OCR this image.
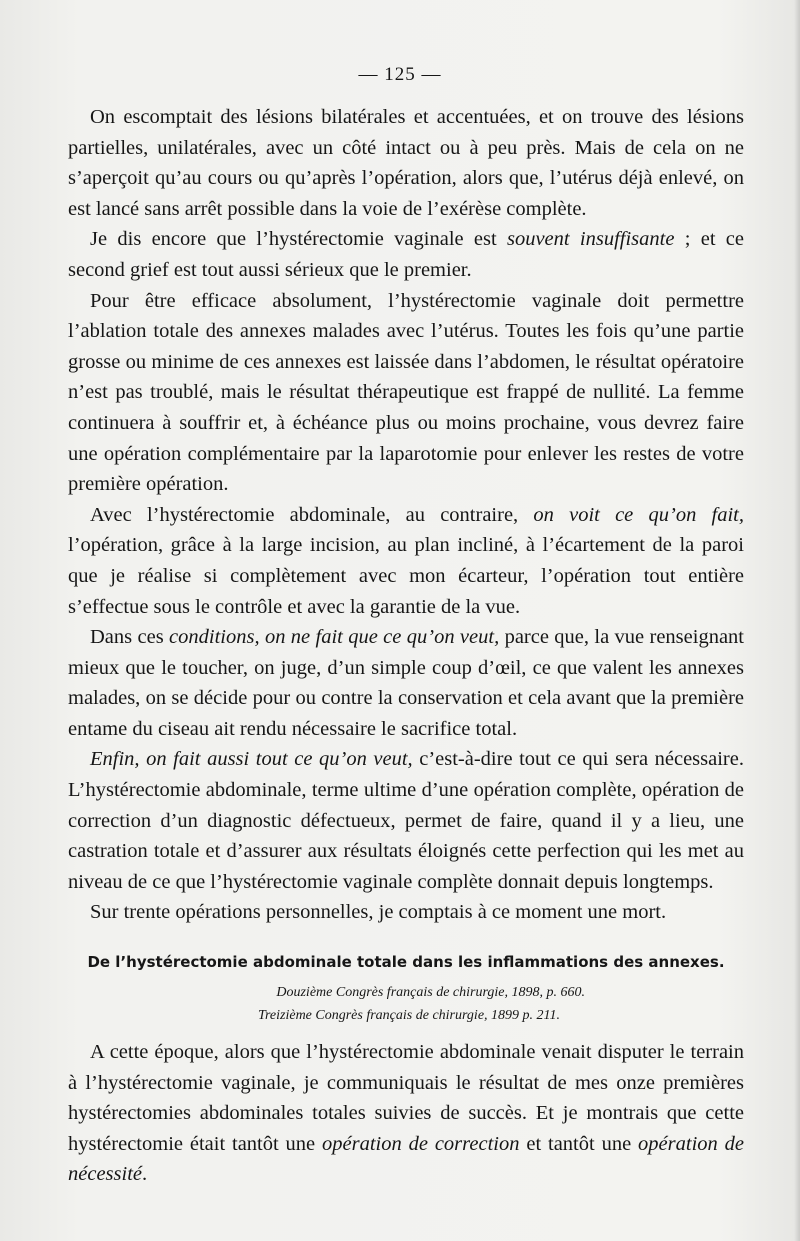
— 125 —

On escomptait des lésions bilatérales et accentuées, et on trouve des lésions partielles, unilatérales, avec un côté intact ou à peu près. Mais de cela on ne s’aperçoit qu’au cours ou qu’après l’opération, alors que, l’utérus déjà enlevé, on est lancé sans arrêt possible dans la voie de l’exérèse complète.

Je dis encore que l’hystérectomie vaginale est souvent insuffisante ; et ce second grief est tout aussi sérieux que le premier.

Pour être efficace absolument, l’hystérectomie vaginale doit permettre l’ablation totale des annexes malades avec l’utérus. Toutes les fois qu’une partie grosse ou minime de ces annexes est laissée dans l’abdomen, le résultat opératoire n’est pas troublé, mais le résultat thérapeutique est frappé de nullité. La femme continuera à souffrir et, à échéance plus ou moins prochaine, vous devrez faire une opération complémentaire par la laparotomie pour enlever les restes de votre première opération.

Avec l’hystérectomie abdominale, au contraire, on voit ce qu’on fait, l’opération, grâce à la large incision, au plan incliné, à l’écartement de la paroi que je réalise si complètement avec mon écarteur, l’opération tout entière s’effectue sous le contrôle et avec la garantie de la vue.

Dans ces conditions, on ne fait que ce qu’on veut, parce que, la vue renseignant mieux que le toucher, on juge, d’un simple coup d’œil, ce que valent les annexes malades, on se décide pour ou contre la conservation et cela avant que la première entame du ciseau ait rendu nécessaire le sacrifice total.

Enfin, on fait aussi tout ce qu’on veut, c’est-à-dire tout ce qui sera nécessaire. L’hystérectomie abdominale, terme ultime d’une opération complète, opération de correction d’un diagnostic défectueux, permet de faire, quand il y a lieu, une castration totale et d’assurer aux résultats éloignés cette perfection qui les met au niveau de ce que l’hystérectomie vaginale complète donnait depuis longtemps.

Sur trente opérations personnelles, je comptais à ce moment une mort.

De l’hystérectomie abdominale totale dans les inflammations des annexes.
Douzième Congrès français de chirurgie, 1898, p. 660.
Treizième Congrès français de chirurgie, 1899 p. 211.

A cette époque, alors que l’hystérectomie abdominale venait disputer le terrain à l’hystérectomie vaginale, je communiquais le résultat de mes onze premières hystérectomies abdominales totales suivies de succès. Et je montrais que cette hystérectomie était tantôt une opération de correction et tantôt une opération de nécessité.
